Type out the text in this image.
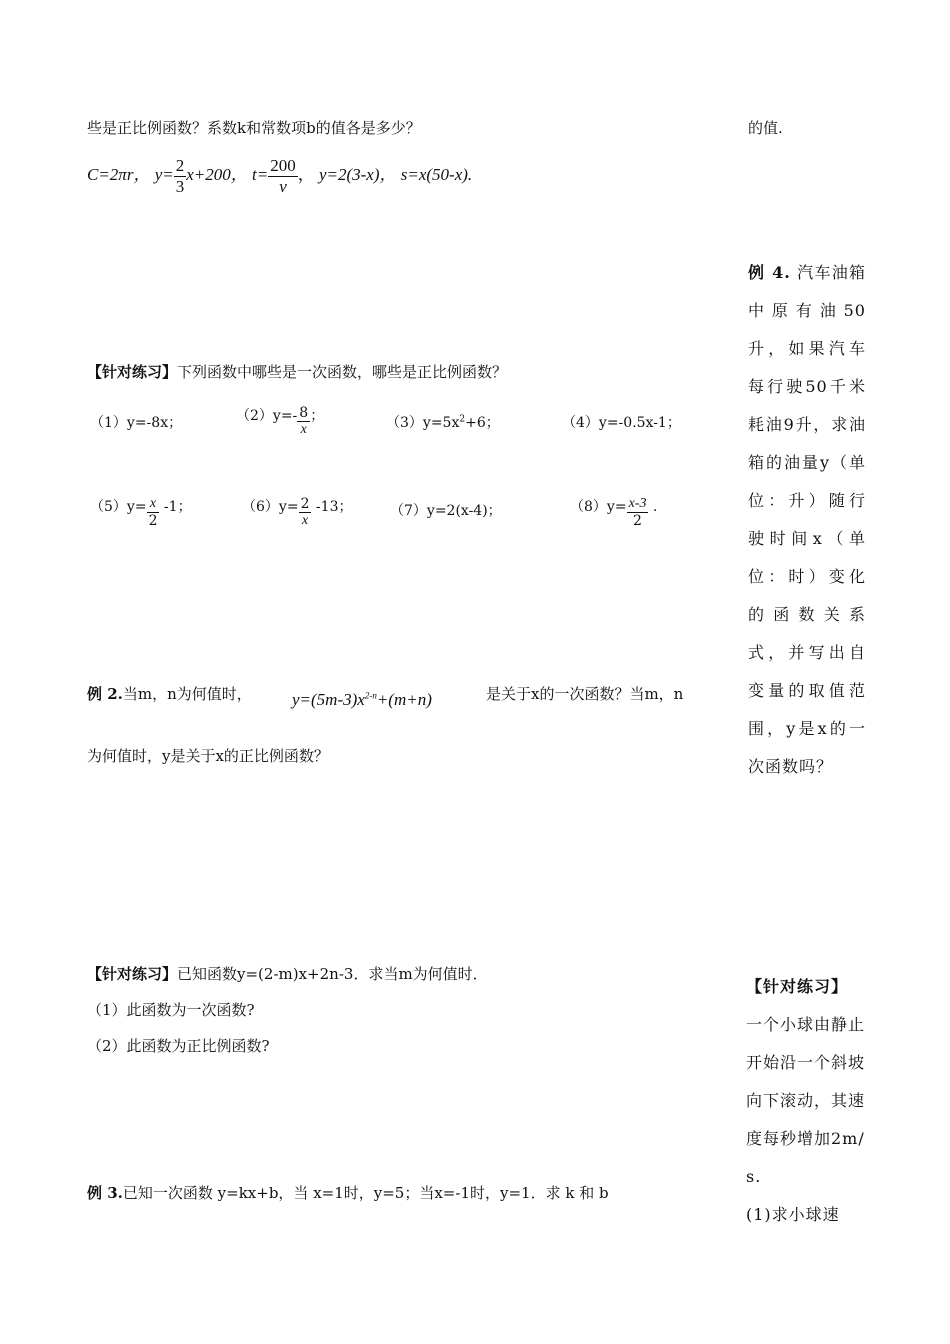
些是正比例函数？系数k和常数项b的值各是多少？	的值.
C=2πr， $y= \frac{2}{3} x+200$， $t= \frac{200}{v}$ ， y=2(3-x)， s=x(50-x).
例 4. 汽车油箱中原有油50升，如果汽车每行驶50千米耗油9升，求油箱的油量y（单位：升）随行驶时间x（单位：时）变化的函数关系式，并写出自变量的取值范围，y是x的一次函数吗？
【针对练习】下列函数中哪些是一次函数，哪些是正比例函数？
（1）y=-8x；	$(2)y=- \frac{8}{x}$ ；	$(3)y=5x^2+6$；	（4）y=-0.5x-1；
$(5)y= \frac{x}{2} -1$；	$(6)y= \frac{2}{x} -13$；	（7）y=2(x-4)；	$(8)y= \frac{x-3}{2}$ .
例 2.当m，n为何值时， $y=(5m-3)x^{2-n}+(m+n)$	是关于x的一次函数？当m，n
为何值时，y是关于x的正比例函数？
【针对练习】已知函数y=(2-m)x+2n-3．求当m为何值时．
（1）此函数为一次函数?
（2）此函数为正比例函数?
例 3.已知一次函数 y=kx+b，当 x=1时，y=5；当x=-1时，y=1．求 k 和 b
【针对练习】
一个小球由静止开始沿一个斜坡向下滚动，其速度每秒增加2m/s.
(1)求小球速
